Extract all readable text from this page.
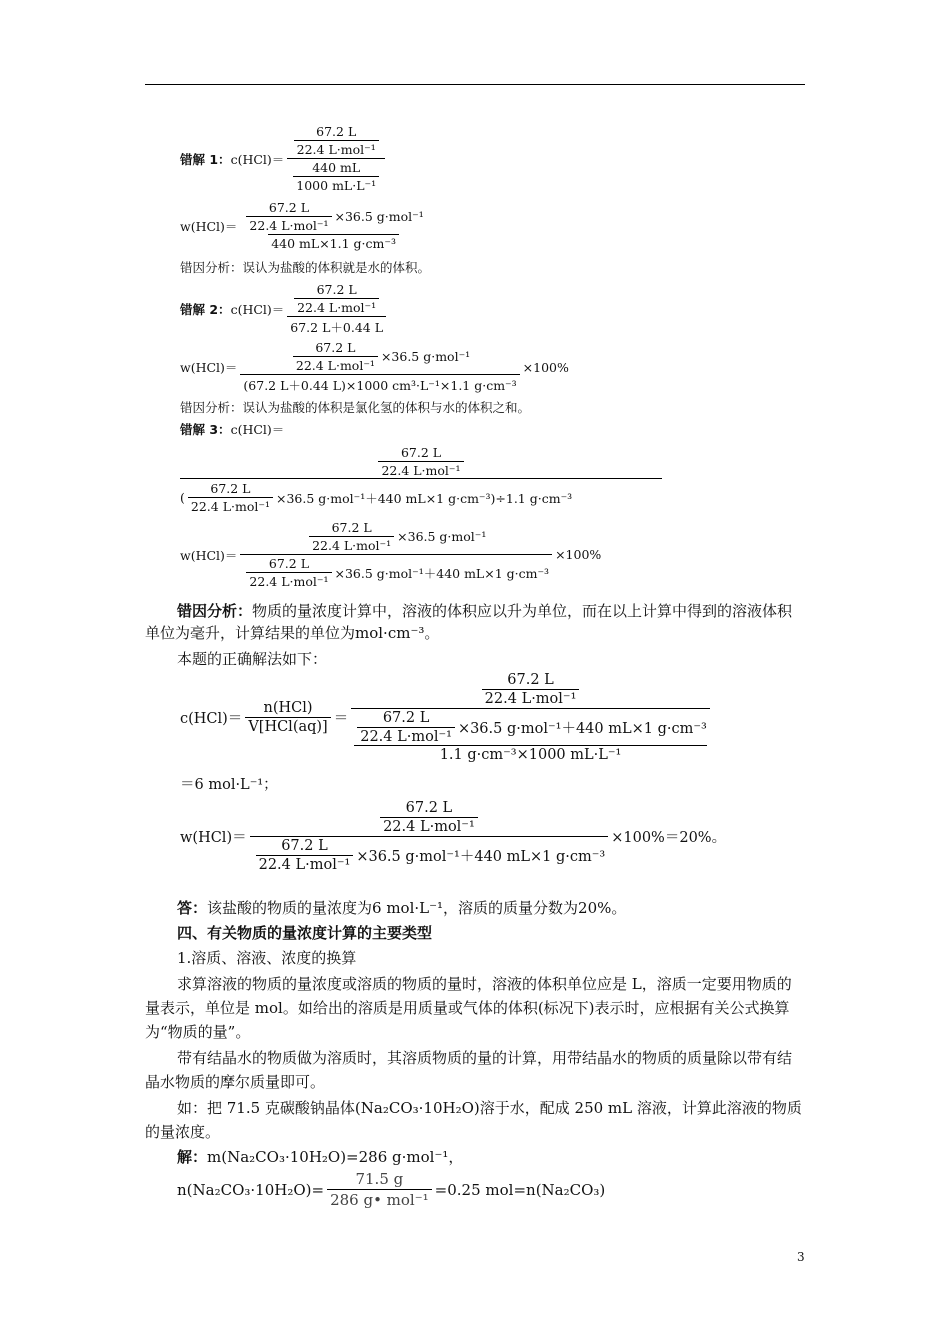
错解 1： $c(HCl)= \frac{\frac{67.2 L}{\text{22.4 L·mol⁻¹}}}{\frac{440 mL}{\text{1000 mL·L⁻¹}}}$
$w(HCl)= \frac{\frac{67.2 L}{\text{22.4 L·mol⁻¹}} \times 36.5 g\cdot mol^{-1}}{\text{440 mL×1.1 g·cm⁻³}}$
错因分析：误认为盐酸的体积就是水的体积。
错解 2： $c(HCl)= \frac{\frac{67.2 L}{\text{22.4 L·mol⁻¹}}}{67.2 L+0.44 L}$
$w(HCl)= \frac{\frac{67.2 L}{\text{22.4 L·mol⁻¹}} \times 36.5 g\cdot mol^{-1}}{\text{(67.2 L＋0.44 L)×1000 cm³·L⁻¹×1.1 g·cm⁻³}} \times 100\%$
错因分析：误认为盐酸的体积是氯化氢的体积与水的体积之和。
错解 3： c(HCl)＝
$\frac{67.2 L}{\text{22.4 L·mol⁻¹}}$
( $\frac{67.2 L}{\text{22.4 L·mol⁻¹}} \times 36.5$ g·mol⁻¹＋440 mL×1 g·cm⁻³)÷1.1 g·cm⁻³
$w(HCl)= \frac{\frac{67.2 L}{\text{22.4 L·mol⁻¹}} \times 36.5 g\cdot mol^{-1}}{\frac{67.2 L}{\text{22.4 L·mol⁻¹}} \times 36.5 g\cdot mol^{-1}+440 mL\times 1 g\cdot cm^{-3}} \times 100\%$
错因分析：物质的量浓度计算中，溶液的体积应以升为单位，而在以上计算中得到的溶液体积单位为毫升，计算结果的单位为mol·cm⁻³。
本题的正确解法如下：
$c(HCl)= \frac{\text{n(HCl)}}{\text{V[HCl(aq)]}}$ ＝
$\frac{67.2 L}{\text{22.4 L·mol⁻¹}}$
$\frac{67.2 L}{\text{22.4 L·mol⁻¹}} \times 36.5$ g·mol⁻¹＋440 mL×1 g·cm⁻³
1.1 g·cm⁻³×1000 mL·L⁻¹
＝6 mol·L⁻¹；
$w(HCl)= \frac{\frac{67.2 L}{\text{22.4 L·mol⁻¹}}}{\frac{67.2 L}{\text{22.4 L·mol⁻¹}} \times 36.5 g\cdot mol^{-1}+440 mL\times 1 g\cdot cm^{-3}} \times 100\%=20\%$。
答：该盐酸的物质的量浓度为6 mol·L⁻¹，溶质的质量分数为20%。
四、有关物质的量浓度计算的主要类型
1.溶质、溶液、浓度的换算
求算溶液的物质的量浓度或溶质的物质的量时，溶液的体积单位应是 L，溶质一定要用物质的量表示，单位是 mol。如给出的溶质是用质量或气体的体积(标况下)表示时，应根据有关公式换算为“物质的量”。
带有结晶水的物质做为溶质时，其溶质物质的量的计算，用带结晶水的物质的质量除以带有结晶水物质的摩尔质量即可。
如：把 71.5 克碳酸钠晶体(Na₂CO₃·10H₂O)溶于水，配成 250 mL 溶液，计算此溶液的物质的量浓度。
解：m(Na₂CO₃·10H₂O)=286 g·mol⁻¹，
$n(Na_2CO_3\cdot 10H_2O)= \frac{71.5 g}{\text{286 g• mol⁻¹}} =0.25$ mol=n(Na₂CO₃)
3
